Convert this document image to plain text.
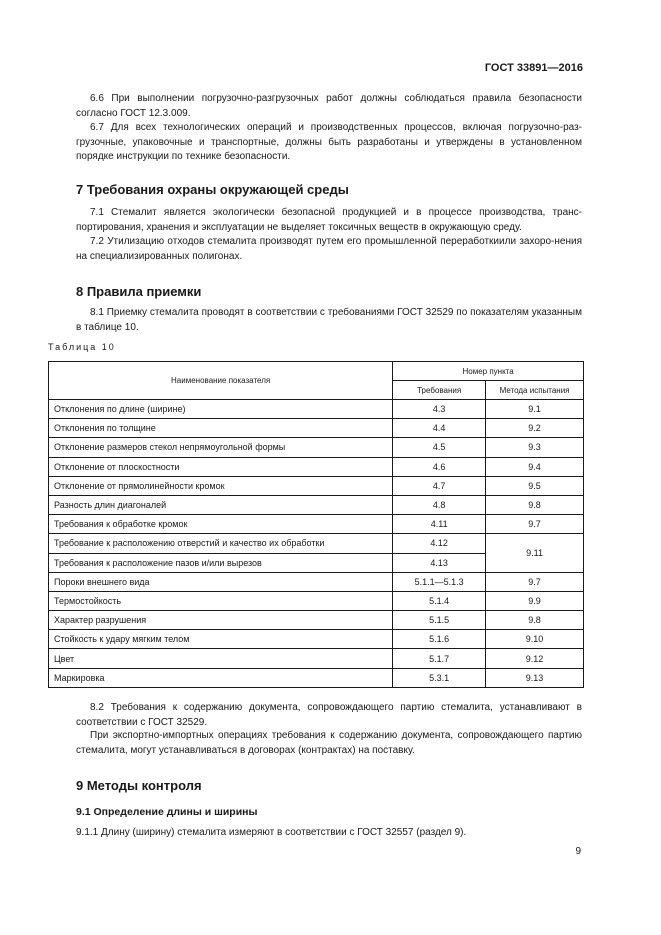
ГОСТ 33891—2016

6.6 При выполнении погрузочно-разгрузочных работ должны соблюдаться правила безопасности согласно ГОСТ 12.3.009.

6.7 Для всех технологических операций и производственных процессов, включая погрузочно-раз-грузочные, упаковочные и транспортные, должны быть разработаны и утверждены в установленном порядке инструкции по технике безопасности.

7 Требования охраны окружающей среды

7.1 Стемалит является экологически безопасной продукцией и в процессе производства, транс-портирования, хранения и эксплуатации не выделяет токсичных веществ в окружающую среду.

7.2 Утилизацию отходов стемалита производят путем его промышленной переработкиили захоро-нения на специализированных полигонах.

8 Правила приемки

8.1 Приемку стемалита проводят в соответствии с требованиями ГОСТ 32529 по показателям указанным в таблице 10.

Таблица 10
Наименование показателя	Номер пункта	
	Требования	Метода испытания
Отклонения по длине (ширине)	4.3	9.1
Отклонения по толщине	4.4	9.2
Отклонение размеров стекол непрямоугольной формы	4.5	9.3
Отклонение от плоскостности	4.6	9.4
Отклонение от прямолинейности кромок	4.7	9.5
Разность длин диагоналей	4.8	9.8
Требования к обработке кромок	4.11	9.7
Требование к расположению отверстий и качество их обработки	4.12	9.11
Требования к расположение пазов и/или вырезов	4.13	
Пороки внешнего вида	5.1.1—5.1.3	9.7
Термостойкость	5.1.4	9.9
Характер разрушения	5.1.5	9.8
Стойкость к удару мягким телом	5.1.6	9.10
Цвет	5.1.7	9.12
Маркировка	5.3.1	9.13

8.2 Требования к содержанию документа, сопровождающего партию стемалита, устанавливают в соответствии с ГОСТ 32529.

При экспортно-импортных операциях требования к содержанию документа, сопровождающего партию стемалита, могут устанавливаться в договорах (контрактах) на поставку.

9 Методы контроля
9.1 Определение длины и ширины

9.1.1 Длину (ширину) стемалита измеряют в соответствии с ГОСТ 32557 (раздел 9).

9
